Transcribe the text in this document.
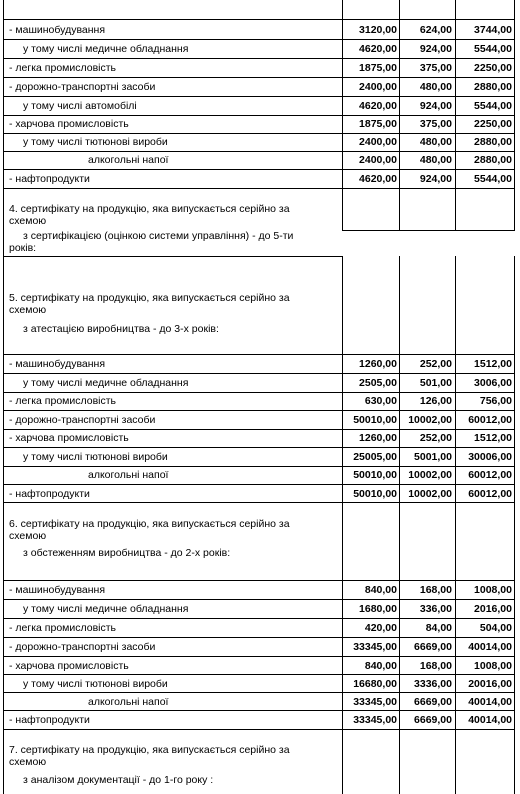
- машинобудування	3120,00	624,00	3744,00
у тому числі медичне обладнання	4620,00	924,00	5544,00
- легка промисловість	1875,00	375,00	2250,00
- дорожно-транспортні засоби	2400,00	480,00	2880,00
у тому числі автомобілі	4620,00	924,00	5544,00
- харчова промисловість	1875,00	375,00	2250,00
у тому числі тютюнові вироби	2400,00	480,00	2880,00
алкогольні напої	2400,00	480,00	2880,00
- нафтопродукти	4620,00	924,00	5544,00
4. сертифікату на продукцію, яка випускається серійно за
схемою
з сертифікацією (оцінкою системи управління) - до 5-ти
років:
5. сертифікату на продукцію, яка випускається серійно за
схемою
з атестацією виробництва - до 3-х років:
- машинобудування	1260,00	252,00	1512,00
у тому числі медичне обладнання	2505,00	501,00	3006,00
- легка промисловість	630,00	126,00	756,00
- дорожно-транспортні засоби	50010,00	10002,00	60012,00
- харчова промисловість	1260,00	252,00	1512,00
у тому числі тютюнові вироби	25005,00	5001,00	30006,00
алкогольні напої	50010,00	10002,00	60012,00
- нафтопродукти	50010,00	10002,00	60012,00
6. сертифікату на продукцію, яка випускається серійно за
схемою
з обстеженням виробництва - до 2-х років:
- машинобудування	840,00	168,00	1008,00
у тому числі медичне обладнання	1680,00	336,00	2016,00
- легка промисловість	420,00	84,00	504,00
- дорожно-транспортні засоби	33345,00	6669,00	40014,00
- харчова промисловість	840,00	168,00	1008,00
у тому числі тютюнові вироби	16680,00	3336,00	20016,00
алкогольні напої	33345,00	6669,00	40014,00
- нафтопродукти	33345,00	6669,00	40014,00
7. сертифікату на продукцію, яка випускається серійно за
схемою
з аналізом документації - до 1-го року :
